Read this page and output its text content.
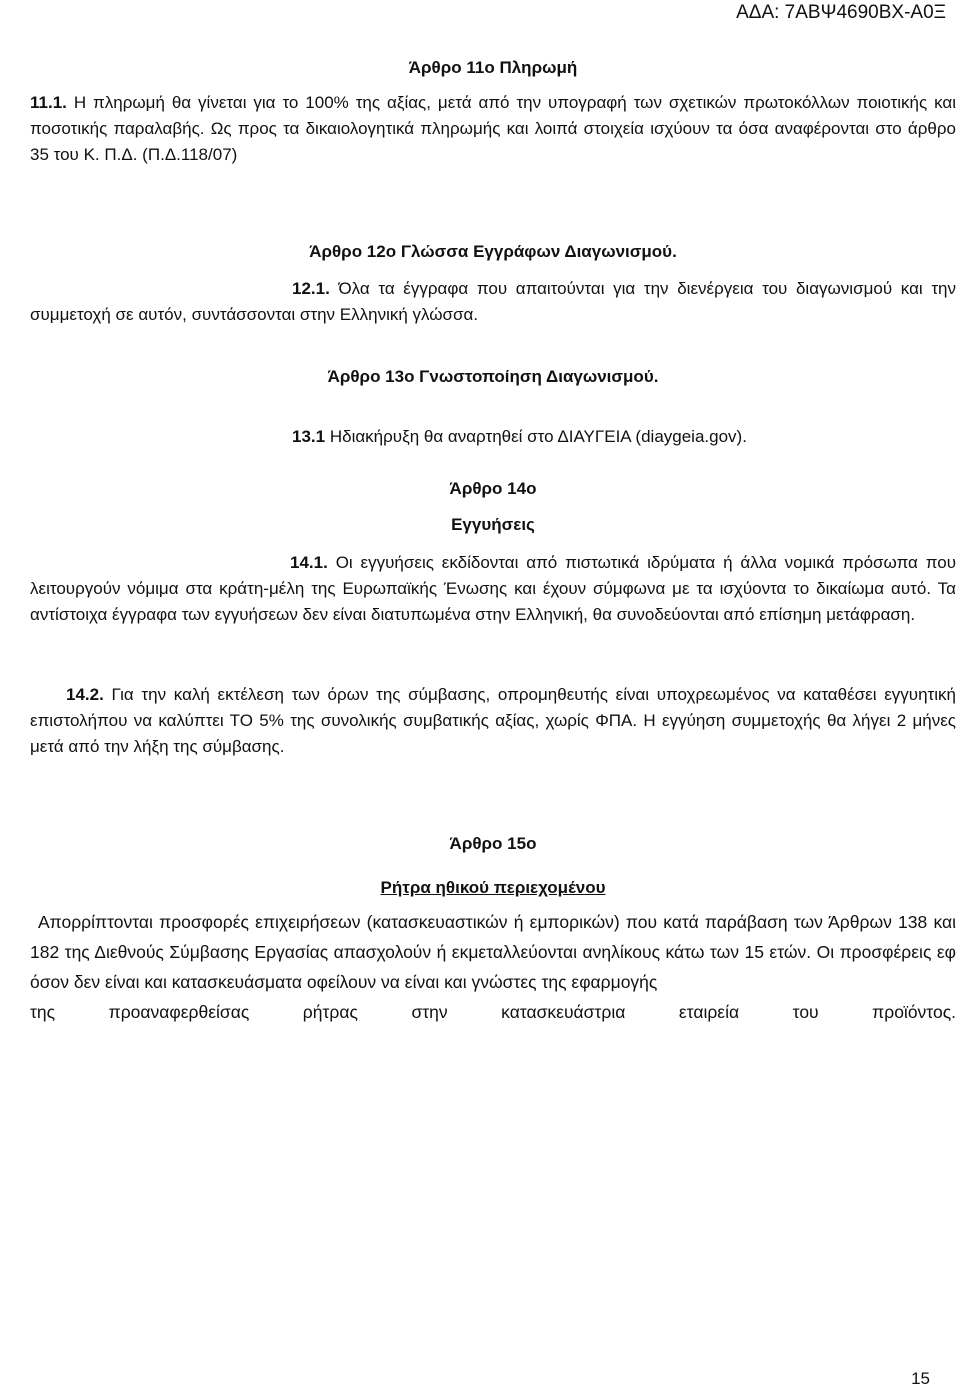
ΑΔΑ: 7ΑΒΨ4690ΒΧ-Α0Ξ
Άρθρο 11ο Πληρωμή
11.1. Η πληρωμή θα γίνεται για το 100% της αξίας, μετά από την υπογραφή των σχετικών πρωτοκόλλων ποιοτικής και ποσοτικής παραλαβής. Ως προς τα δικαιολογητικά πληρωμής και λοιπά στοιχεία ισχύουν τα όσα αναφέρονται στο άρθρο 35 του Κ. Π.Δ. (Π.Δ.118/07)
Άρθρο 12ο Γλώσσα Εγγράφων Διαγωνισμού.
12.1. Όλα τα έγγραφα που απαιτούνται για την διενέργεια του διαγωνισμού και την συμμετοχή σε αυτόν, συντάσσονται στην Ελληνική γλώσσα.
Άρθρο 13ο Γνωστοποίηση Διαγωνισμού.
13.1 Ηδιακήρυξη θα αναρτηθεί στο ΔΙΑΥΓΕΙΑ (diaygeia.gov).
Άρθρο 14ο
Εγγυήσεις
14.1. Οι εγγυήσεις εκδίδονται από πιστωτικά ιδρύματα ή άλλα νομικά πρόσωπα που λειτουργούν νόμιμα στα κράτη-μέλη της Ευρωπαϊκής Ένωσης και έχουν σύμφωνα με τα ισχύοντα το δικαίωμα αυτό. Τα αντίστοιχα έγγραφα των εγγυήσεων δεν είναι διατυπωμένα στην Ελληνική, θα συνοδεύονται από επίσημη μετάφραση.
14.2. Για την καλή εκτέλεση των όρων της σύμβασης, οπρομηθευτής είναι υποχρεωμένος να καταθέσει εγγυητική επιστολήπου να καλύπτει ΤΟ 5% της συνολικής συμβατικής αξίας, χωρίς ΦΠΑ. Η εγγύηση συμμετοχής θα λήγει 2 μήνες μετά από την λήξη της σύμβασης.
Άρθρο 15ο
Ρήτρα ηθικού περιεχομένου
Απορρίπτονται προσφορές επιχειρήσεων (κατασκευαστικών ή εμπορικών) που κατά παράβαση των Άρθρων 138 και 182 της Διεθνούς Σύμβασης Εργασίας απασχολούν ή εκμεταλλεύονται ανηλίκους κάτω των 15 ετών. Οι προσφέρεις εφ όσον δεν είναι και κατασκευάσματα οφείλουν να είναι και γνώστες της εφαρμογής
της προαναφερθείσας ρήτρας στην κατασκευάστρια εταιρεία του προϊόντος.
15
